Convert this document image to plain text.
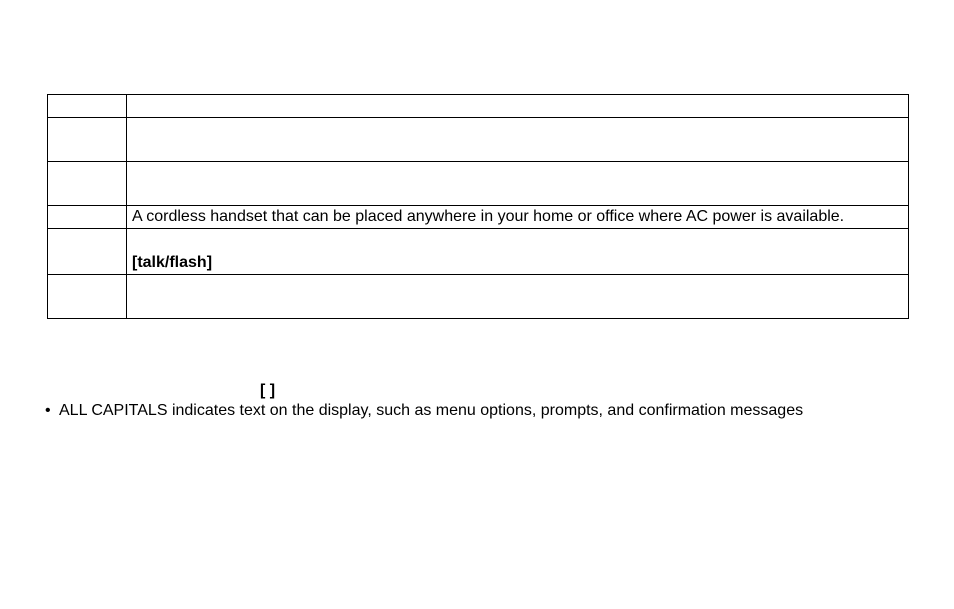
	A cordless handset that can be placed anywhere in your home or office where AC power is available.

	[talk/flash]

[ ]

• ALL CAPITALS indicates text on the display, such as menu options, prompts, and confirmation messages
